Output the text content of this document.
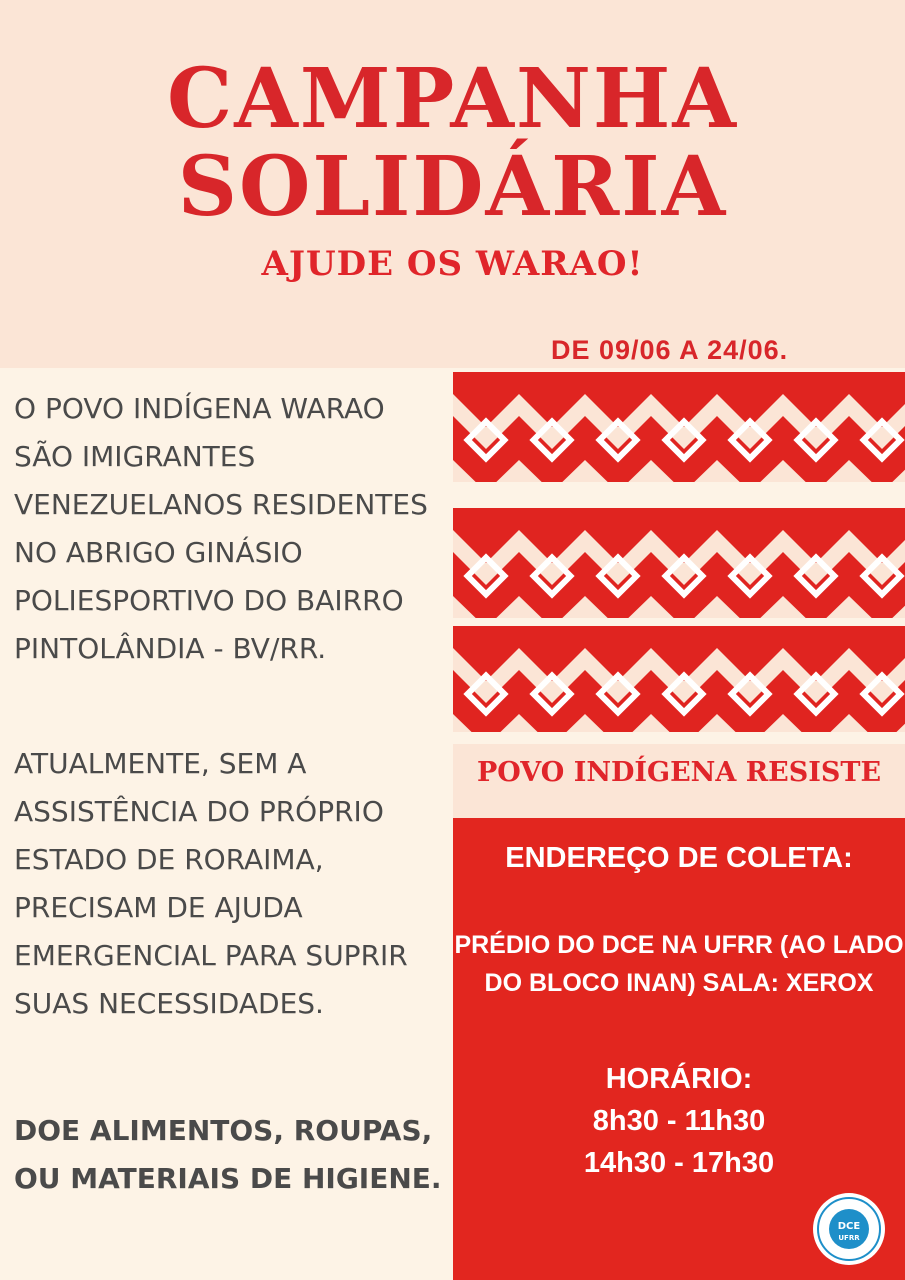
CAMPANHA
SOLIDÁRIA
AJUDE OS WARAO!
DE 09/06 A 24/06.

O POVO INDÍGENA WARAO SÃO IMIGRANTES VENEZUELANOS RESIDENTES NO ABRIGO GINÁSIO POLIESPORTIVO DO BAIRRO PINTOLÂNDIA - BV/RR.

ATUALMENTE, SEM A ASSISTÊNCIA DO PRÓPRIO ESTADO DE RORAIMA, PRECISAM DE AJUDA EMERGENCIAL PARA SUPRIR SUAS NECESSIDADES.

DOE ALIMENTOS, ROUPAS, OU MATERIAIS DE HIGIENE.

POVO INDÍGENA RESISTE

ENDEREÇO DE COLETA:

PRÉDIO DO DCE NA UFRR (AO LADO DO BLOCO INAN) SALA: XEROX

HORÁRIO:

8h30 - 11h30
14h30 - 17h30

DCE
UFRR
